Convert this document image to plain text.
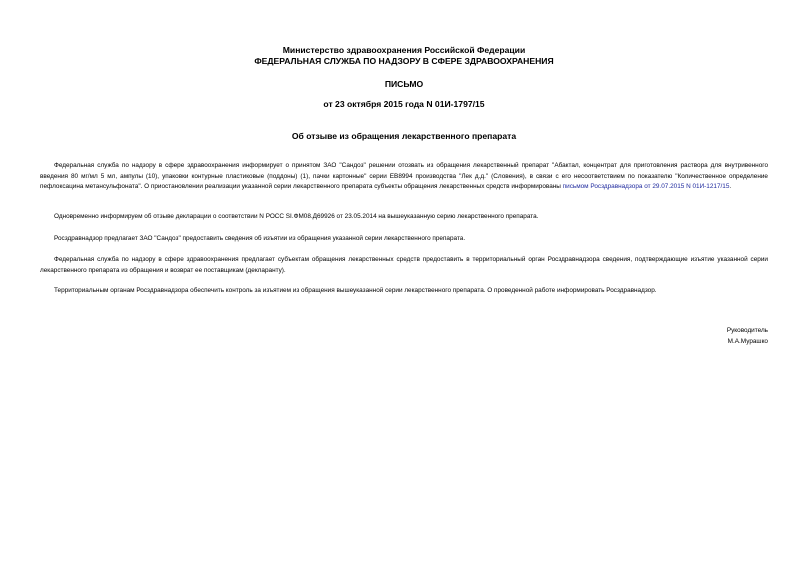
Министерство здравоохранения Российской Федерации
ФЕДЕРАЛЬНАЯ СЛУЖБА ПО НАДЗОРУ В СФЕРЕ ЗДРАВООХРАНЕНИЯ
ПИСЬМО
от 23 октября 2015 года N 01И-1797/15
Об отзыве из обращения лекарственного препарата
Федеральная служба по надзору в сфере здравоохранения информирует о принятом ЗАО "Сандоз" решении отозвать из обращения лекарственный препарат "Абактал, концентрат для приготовления раствора для внутривенного введения 80 мг/мл 5 мл, ампулы (10), упаковки контурные пластиковые (поддоны) (1), пачки картонные" серии EB8994 производства "Лек д.д." (Словения), в связи с его несоответствием по показателю "Количественное определение пефлоксацина метансульфоната". О приостановлении реализации указанной серии лекарственного препарата субъекты обращения лекарственных средств информированы письмом Росздравнадзора от 29.07.2015 N 01И-1217/15.
Одновременно информируем об отзыве декларации о соответствии N РОСС SI.ФМ08.Д69926 от 23.05.2014 на вышеуказанную серию лекарственного препарата.
Росздравнадзор предлагает ЗАО "Сандоз" предоставить сведения об изъятии из обращения указанной серии лекарственного препарата.
Федеральная служба по надзору в сфере здравоохранения предлагает субъектам обращения лекарственных средств предоставить в территориальный орган Росздравнадзора сведения, подтверждающие изъятие указанной серии лекарственного препарата из обращения и возврат ее поставщикам (декларанту).
Территориальным органам Росздравнадзора обеспечить контроль за изъятием из обращения вышеуказанной серии лекарственного препарата. О проведенной работе информировать Росздравнадзор.
Руководитель
М.А.Мурашко
